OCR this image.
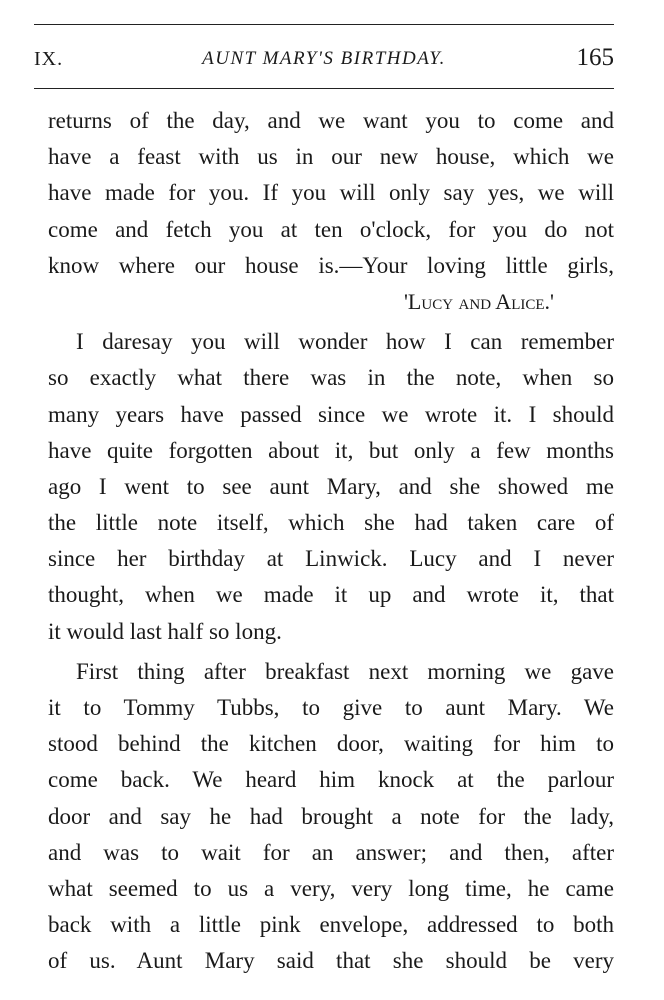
IX.	AUNT MARY'S BIRTHDAY.	165
returns of the day, and we want you to come and
have a feast with us in our new house, which we
have made for you. If you will only say yes, we will
come and fetch you at ten o'clock, for you do not
know where our house is.—Your loving little girls,
'Lucy and Alice.'
I daresay you will wonder how I can remember
so exactly what there was in the note, when so
many years have passed since we wrote it. I should
have quite forgotten about it, but only a few months
ago I went to see aunt Mary, and she showed me
the little note itself, which she had taken care of
since her birthday at Linwick. Lucy and I never
thought, when we made it up and wrote it, that
it would last half so long.
First thing after breakfast next morning we gave
it to Tommy Tubbs, to give to aunt Mary. We
stood behind the kitchen door, waiting for him to
come back. We heard him knock at the parlour
door and say he had brought a note for the lady,
and was to wait for an answer; and then, after
what seemed to us a very, very long time, he came
back with a little pink envelope, addressed to both
of us. Aunt Mary said that she should be very
